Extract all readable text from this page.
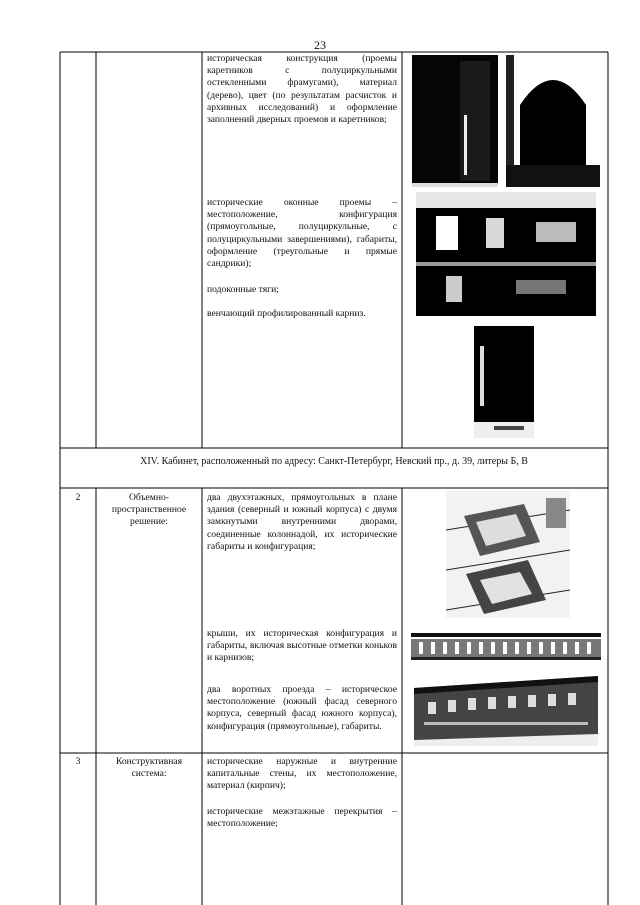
23
историческая конструкция (проемы каретников с полуциркульными остекленными фрамугами), материал (дерево), цвет (по результатам расчисток и архивных исследований) и оформление заполнений дверных проемов и каретников;
исторические оконные проемы – местоположение, конфигурация (прямоугольные, полуциркульные, с полуциркульными завершениями), габариты, оформление (треугольные и прямые сандрики);
подоконные тяги;
венчающий профилированный карниз.
XIV. Кабинет, расположенный по адресу: Санкт-Петербург, Невский пр., д. 39, литеры Б, В
2	Объемно-пространственное решение:
два двухэтажных, прямоугольных в плане здания (северный и южный корпуса) с двумя замкнутыми внутренними дворами, соединенные колоннадой, их исторические габариты и конфигурация;
крыши, их историческая конфигурация и габариты, включая высотные отметки коньков и карнизов;
два воротных проезда – историческое местоположение (южный фасад северного корпуса, северный фасад южного корпуса), конфигурация (прямоугольные), габариты.
3	Конструктивная система:
исторические наружные и внутренние капитальные стены, их местоположение, материал (кирпич);
исторические межэтажные перекрытия – местоположение;
